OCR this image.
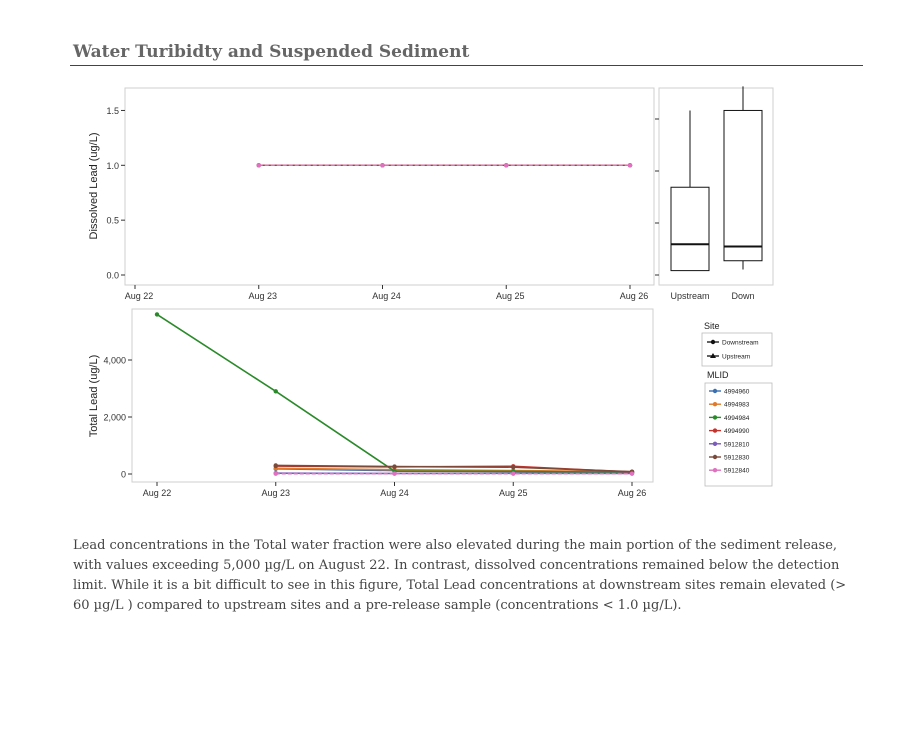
Water Turibidty and Suspended Sediment
Dissolved Lead (ug/L)
0.0
0.5
1.0
1.5
Aug 22	Aug 23	Aug 24	Aug 25	Aug 26 Upstream Down
Total Lead (ug/L)
0
2,000
4,000
Aug 22	Aug 23	Aug 24	Aug 25	Aug 26
Site
Downstream
Upstream
MLID
4994960
4994983
4994984
4994990
5912810
5912830
5912840
Lead concentrations in the Total water fraction were also elevated during the main portion of the sediment release,
with values exceeding 5,000 µg/L on August 22. In contrast, dissolved concentrations remained below the detection
limit. While it is a bit difficult to see in this figure, Total Lead concentrations at downstream sites remain elevated (>
60 µg/L ) compared to upstream sites and a pre-release sample (concentrations < 1.0 µg/L).
